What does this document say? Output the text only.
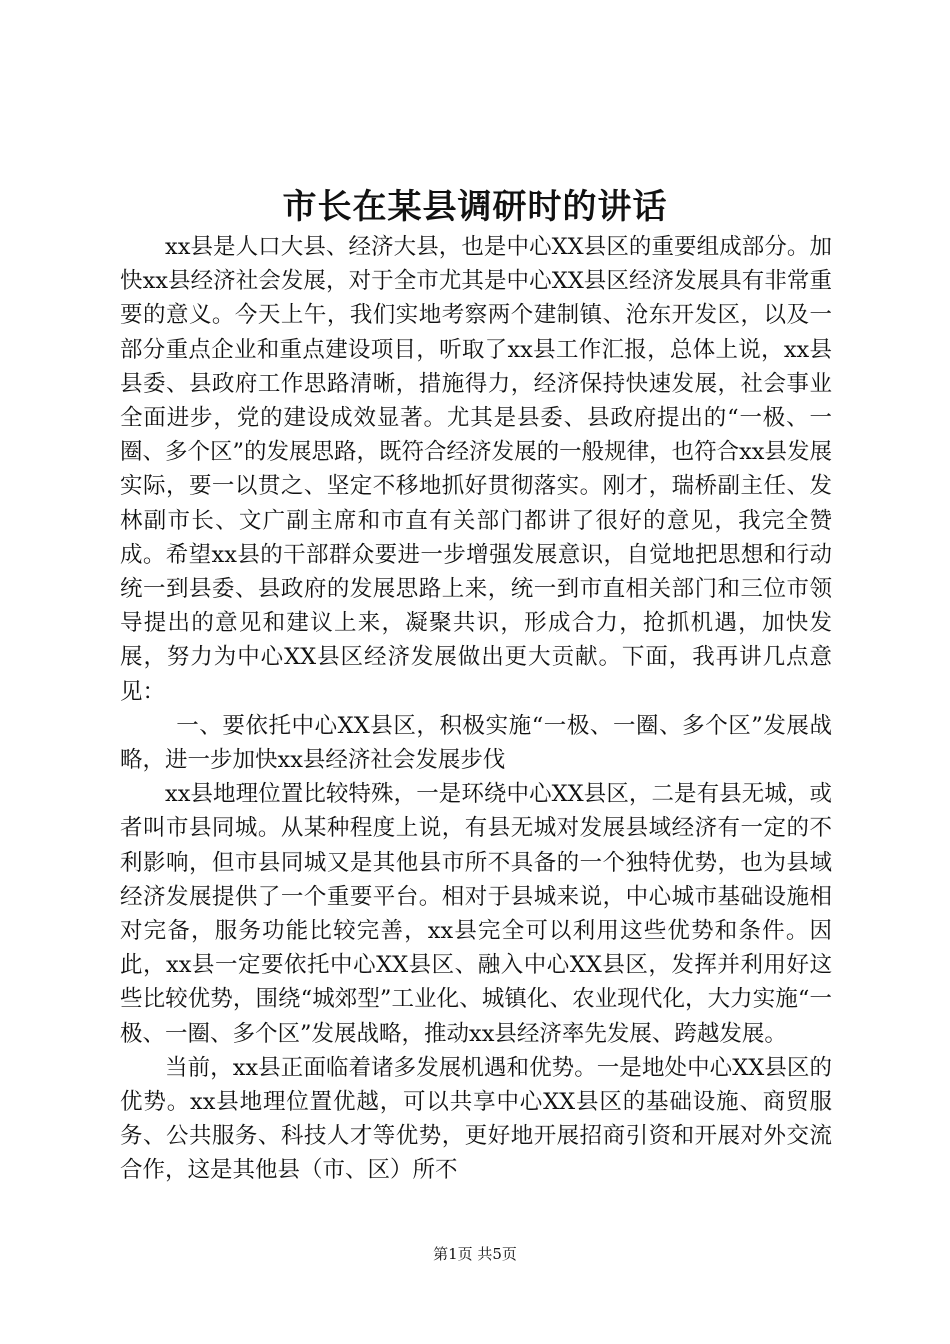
市长在某县调研时的讲话

xx县是人口大县、经济大县，也是中心XX县区的重要组成部分。加快xx县经济社会发展，对于全市尤其是中心XX县区经济发展具有非常重要的意义。今天上午，我们实地考察两个建制镇、沧东开发区，以及一部分重点企业和重点建设项目，听取了xx县工作汇报，总体上说，xx县县委、县政府工作思路清晰，措施得力，经济保持快速发展，社会事业全面进步，党的建设成效显著。尤其是县委、县政府提出的“一极、一圈、多个区”的发展思路，既符合经济发展的一般规律，也符合xx县发展实际，要一以贯之、坚定不移地抓好贯彻落实。刚才，瑞桥副主任、发林副市长、文广副主席和市直有关部门都讲了很好的意见，我完全赞成。希望xx县的干部群众要进一步增强发展意识，自觉地把思想和行动统一到县委、县政府的发展思路上来，统一到市直相关部门和三位市领导提出的意见和建议上来，凝聚共识，形成合力，抢抓机遇，加快发展，努力为中心XX县区经济发展做出更大贡献。下面，我再讲几点意见：

一、要依托中心XX县区，积极实施“一极、一圈、多个区”发展战略，进一步加快xx县经济社会发展步伐

xx县地理位置比较特殊，一是环绕中心XX县区，二是有县无城，或者叫市县同城。从某种程度上说，有县无城对发展县域经济有一定的不利影响，但市县同城又是其他县市所不具备的一个独特优势，也为县域经济发展提供了一个重要平台。相对于县城来说，中心城市基础设施相对完备，服务功能比较完善，xx县完全可以利用这些优势和条件。因此，xx县一定要依托中心XX县区、融入中心XX县区，发挥并利用好这些比较优势，围绕“城郊型”工业化、城镇化、农业现代化，大力实施“一极、一圈、多个区”发展战略，推动xx县经济率先发展、跨越发展。

当前，xx县正面临着诸多发展机遇和优势。一是地处中心XX县区的优势。xx县地理位置优越，可以共享中心XX县区的基础设施、商贸服务、公共服务、科技人才等优势，更好地开展招商引资和开展对外交流合作，这是其他县（市、区）所不

第1页 共5页
